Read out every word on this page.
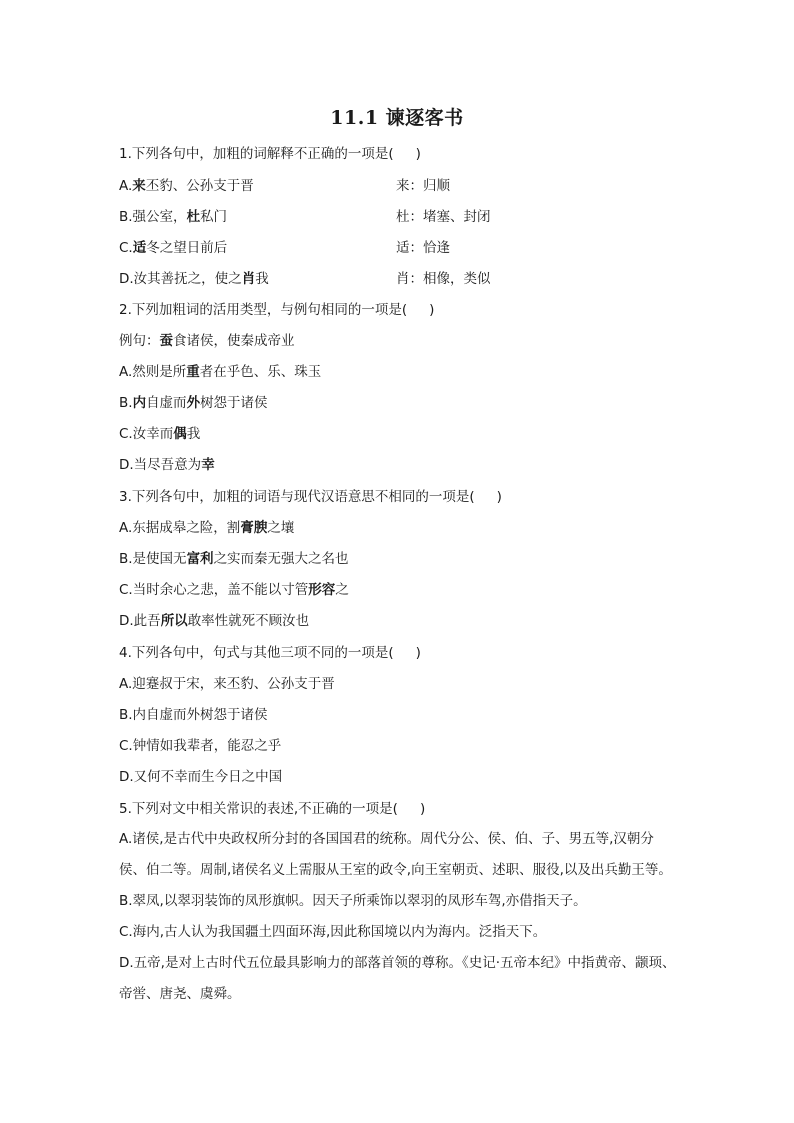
11.1 谏逐客书
1.下列各句中，加粗的词解释不正确的一项是( )
A.来丕豹、公孙支于晋	来：归顺
B.强公室，杜私门	杜：堵塞、封闭
C.适冬之望日前后	适：恰逢
D.汝其善抚之，使之肖我	肖：相像，类似
2.下列加粗词的活用类型，与例句相同的一项是( )
例句：蚕食诸侯，使秦成帝业
A.然则是所重者在乎色、乐、珠玉
B.内自虚而外树怨于诸侯
C.汝幸而偶我
D.当尽吾意为幸
3.下列各句中，加粗的词语与现代汉语意思不相同的一项是( )
A.东据成皋之险，割膏腴之壤
B.是使国无富利之实而秦无强大之名也
C.当时余心之悲，盖不能以寸管形容之
D.此吾所以敢率性就死不顾汝也
4.下列各句中，句式与其他三项不同的一项是( )
A.迎蹇叔于宋，来丕豹、公孙支于晋
B.内自虚而外树怨于诸侯
C.钟情如我辈者，能忍之乎
D.又何不幸而生今日之中国
5.下列对文中相关常识的表述,不正确的一项是( )
A.诸侯,是古代中央政权所分封的各国国君的统称。周代分公、侯、伯、子、男五等,汉朝分侯、伯二等。周制,诸侯名义上需服从王室的政令,向王室朝贡、述职、服役,以及出兵勤王等。
B.翠凤,以翠羽装饰的凤形旗帜。因天子所乘饰以翠羽的凤形车驾,亦借指天子。
C.海内,古人认为我国疆土四面环海,因此称国境以内为海内。泛指天下。
D.五帝,是对上古时代五位最具影响力的部落首领的尊称。《史记·五帝本纪》中指黄帝、颛顼、帝喾、唐尧、虞舜。
